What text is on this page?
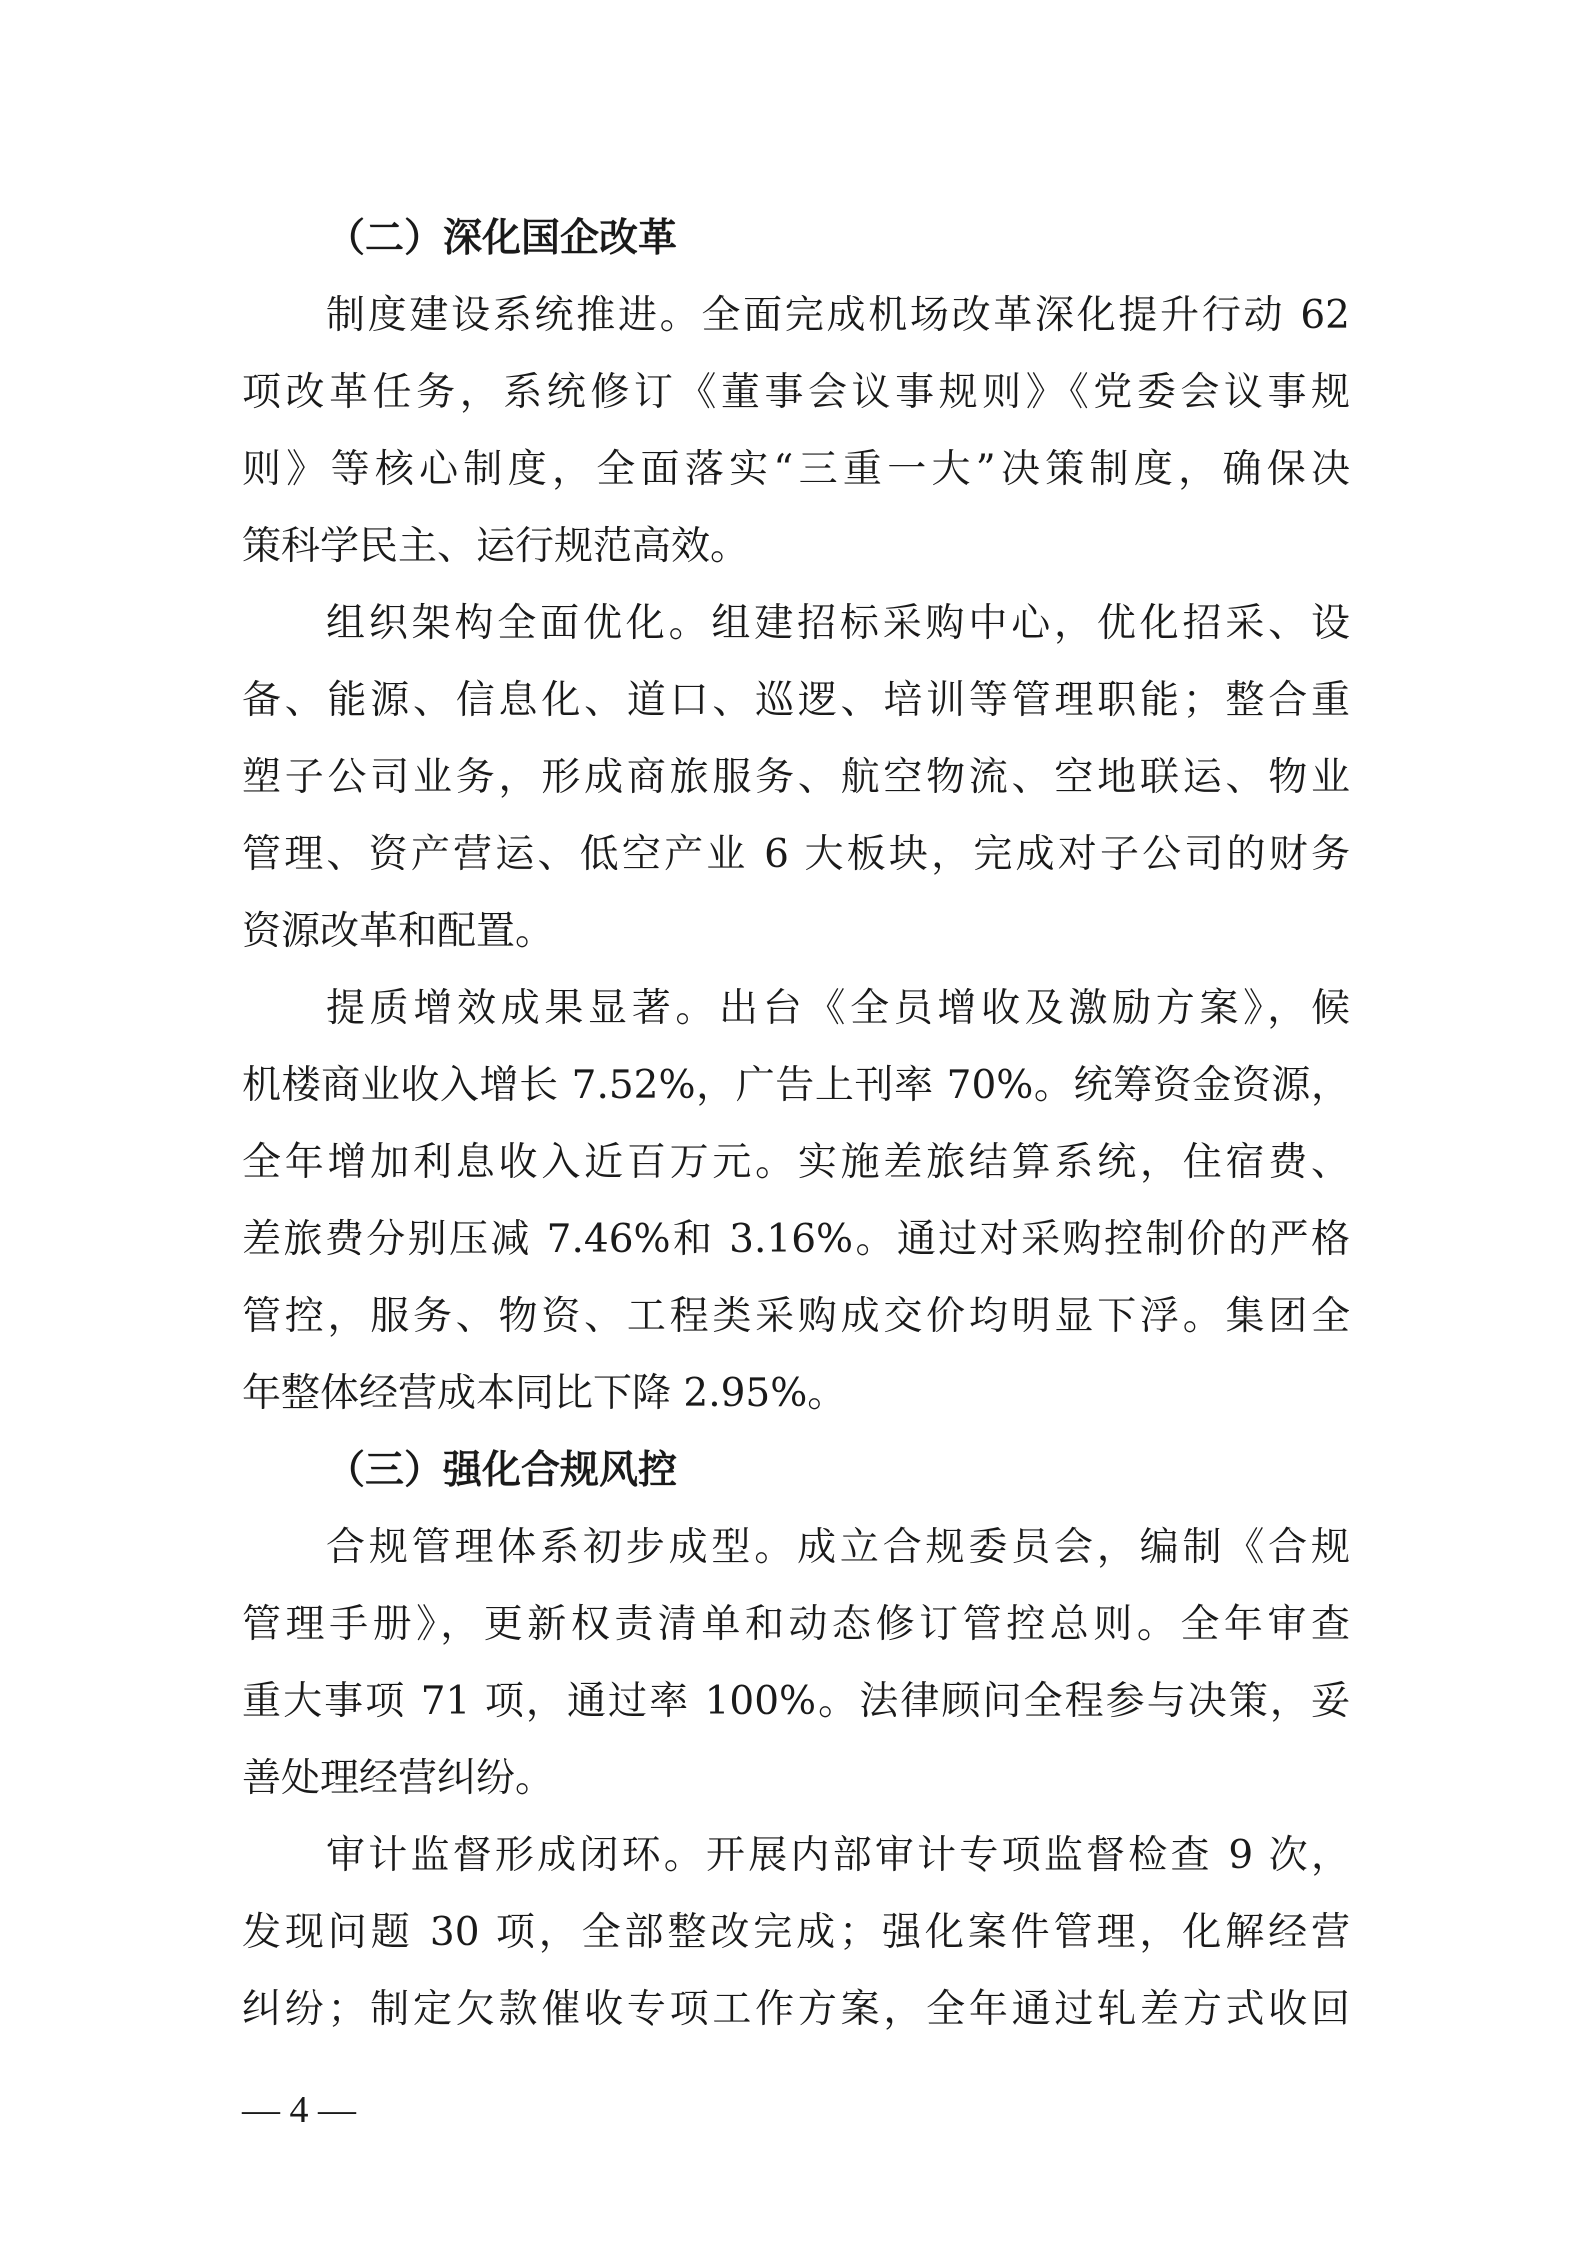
（二）深化国企改革
制度建设系统推进。全面完成机场改革深化提升行动 62
项改革任务，系统修订《董事会议事规则》《党委会议事规
则》等核心制度，全面落实“三重一大”决策制度，确保决
策科学民主、运行规范高效。
组织架构全面优化。组建招标采购中心，优化招采、设
备、能源、信息化、道口、巡逻、培训等管理职能；整合重
塑子公司业务，形成商旅服务、航空物流、空地联运、物业
管理、资产营运、低空产业 6 大板块，完成对子公司的财务
资源改革和配置。
提质增效成果显著。出台《全员增收及激励方案》，候
机楼商业收入增长 7.52%，广告上刊率 70%。统筹资金资源，
全年增加利息收入近百万元。实施差旅结算系统，住宿费、
差旅费分别压减 7.46%和 3.16%。通过对采购控制价的严格
管控，服务、物资、工程类采购成交价均明显下浮。集团全
年整体经营成本同比下降 2.95%。
（三）强化合规风控
合规管理体系初步成型。成立合规委员会，编制《合规
管理手册》，更新权责清单和动态修订管控总则。全年审查
重大事项 71 项，通过率 100%。法律顾问全程参与决策，妥
善处理经营纠纷。
审计监督形成闭环。开展内部审计专项监督检查 9 次，
发现问题 30 项，全部整改完成；强化案件管理，化解经营
纠纷；制定欠款催收专项工作方案，全年通过轧差方式收回
— 4 —
